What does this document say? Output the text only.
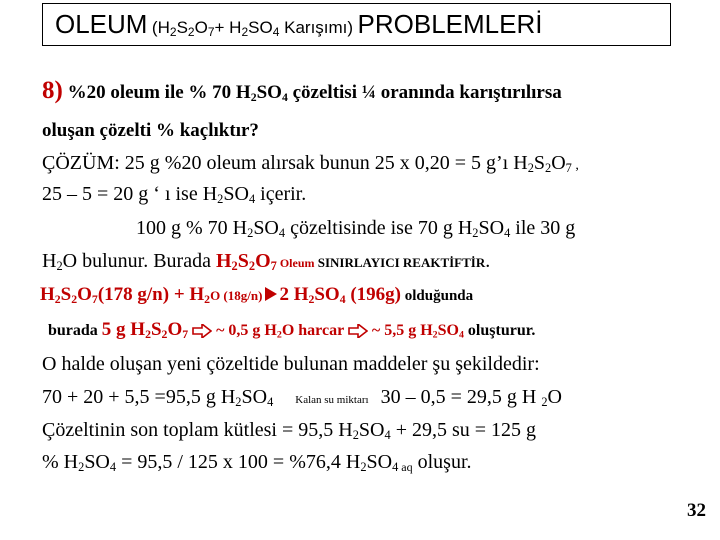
OLEUM ($H_2S_2O_7+ H_2SO_4$ Karışımı) PROBLEMLERİ
8) %20 oleum ile % 70 $H_2SO_4$ çözeltisi ¼ oranında karıştırılırsa
oluşan çözelti % kaçlıktır?
ÇÖZÜM: 25 g %20 oleum alırsak bunun 25 x 0,20 = 5 g’ı $H_2S_2O_7$ ,
25 – 5 = 20 g ‘ ı ise $H_2SO_4$ içerir.
100 g % 70 $H_2SO_4$ çözeltisinde ise 70 g $H_2SO_4$ ile 30 g
$H_2O$ bulunur. Burada $H_2S_2O_7$ Oleum SINIRLAYICI REAKTİFTİR.
$H_2S_2O_7(178$ $g/n) + H_2O$ (18g/n) 2 $H_2SO_4$ (196g) olduğunda
burada 5 g $H_2S_2O_7$  ~ 0,5 g $H_2O$ harcar  ~ 5,5 g $H_2SO_4$ oluşturur.
O halde oluşan yeni çözeltide bulunan maddeler şu şekildedir:
70 + 20 + 5,5 =95,5 g $H_2SO_4$ Kalan su miktarı 30 – 0,5 = 29,5 g H $_2$O
Çözeltinin son toplam kütlesi = 95,5 $H_2SO_4 + 29,5$ su = 125 g
% $H_2SO_4 = 95,5 / 125$ x 100 = %76,4 $H_2SO_4$ aq oluşur.
32
